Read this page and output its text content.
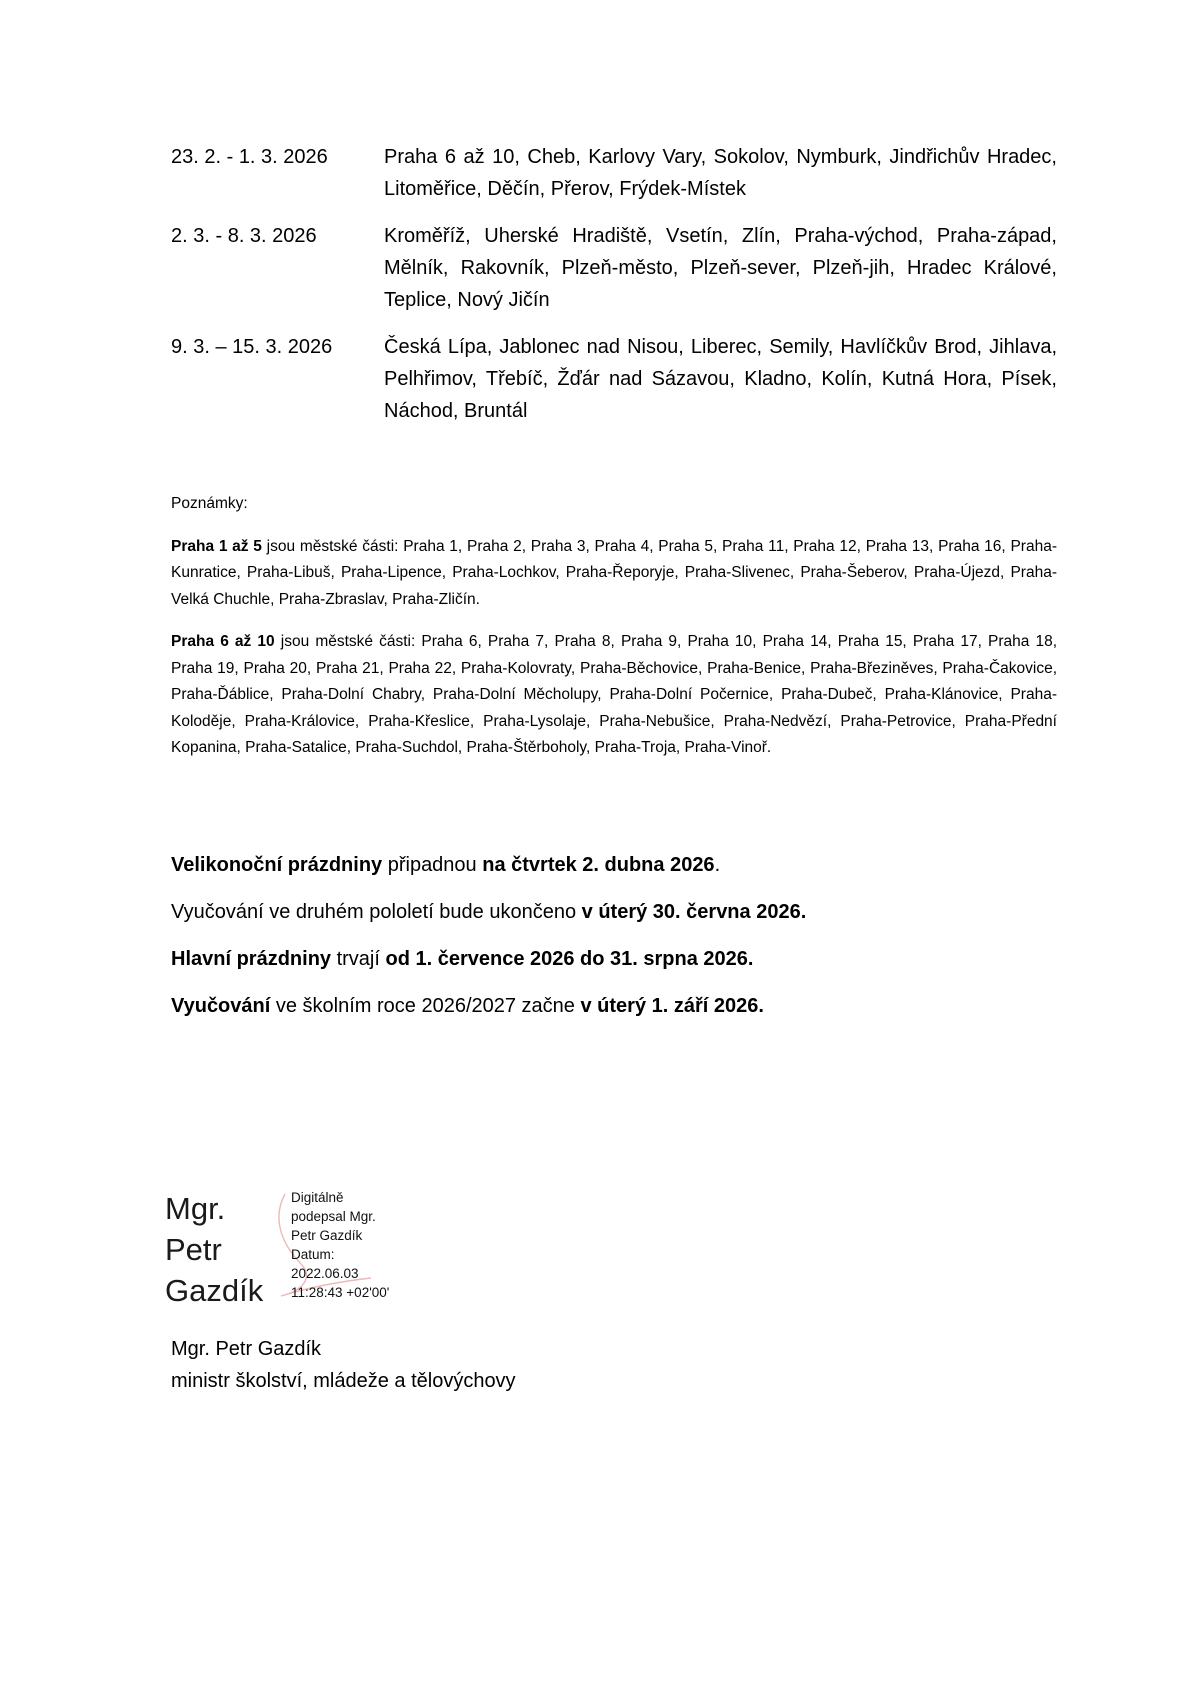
23. 2. - 1. 3. 2026	Praha 6 až 10, Cheb, Karlovy Vary, Sokolov, Nymburk, Jindřichův Hradec, Litoměřice, Děčín, Přerov, Frýdek-Místek
2. 3. - 8. 3. 2026	Kroměříž, Uherské Hradiště, Vsetín, Zlín, Praha-východ, Praha-západ, Mělník, Rakovník, Plzeň-město, Plzeň-sever, Plzeň-jih, Hradec Králové, Teplice, Nový Jičín
9. 3. – 15. 3. 2026	Česká Lípa, Jablonec nad Nisou, Liberec, Semily, Havlíčkův Brod, Jihlava, Pelhřimov, Třebíč, Žďár nad Sázavou, Kladno, Kolín, Kutná Hora, Písek, Náchod, Bruntál

Poznámky:

Praha 1 až 5 jsou městské části: Praha 1, Praha 2, Praha 3, Praha 4, Praha 5, Praha 11, Praha 12, Praha 13, Praha 16, Praha-Kunratice, Praha-Libuš, Praha-Lipence, Praha-Lochkov, Praha-Řeporyje, Praha-Slivenec, Praha-Šeberov, Praha-Újezd, Praha-Velká Chuchle, Praha-Zbraslav, Praha-Zličín.

Praha 6 až 10 jsou městské části: Praha 6, Praha 7, Praha 8, Praha 9, Praha 10, Praha 14, Praha 15, Praha 17, Praha 18, Praha 19, Praha 20, Praha 21, Praha 22, Praha-Kolovraty, Praha-Běchovice, Praha-Benice, Praha-Březiněves, Praha-Čakovice, Praha-Ďáblice, Praha-Dolní Chabry, Praha-Dolní Měcholupy, Praha-Dolní Počernice, Praha-Dubeč, Praha-Klánovice, Praha-Koloděje, Praha-Královice, Praha-Křeslice, Praha-Lysolaje, Praha-Nebušice, Praha-Nedvězí, Praha-Petrovice, Praha-Přední Kopanina, Praha-Satalice, Praha-Suchdol, Praha-Štěrboholy, Praha-Troja, Praha-Vinoř.

Velikonoční prázdniny připadnou na čtvrtek 2. dubna 2026.

Vyučování ve druhém pololetí bude ukončeno v úterý 30. června 2026.

Hlavní prázdniny trvají od 1. července 2026 do 31. srpna 2026.

Vyučování ve školním roce 2026/2027 začne v úterý 1. září 2026.

Mgr.
Petr
Gazdík
Digitálně
podepsal Mgr.
Petr Gazdík
Datum:
2022.06.03
11:28:43 +02'00'
Mgr. Petr Gazdík
ministr školství, mládeže a tělovýchovy
